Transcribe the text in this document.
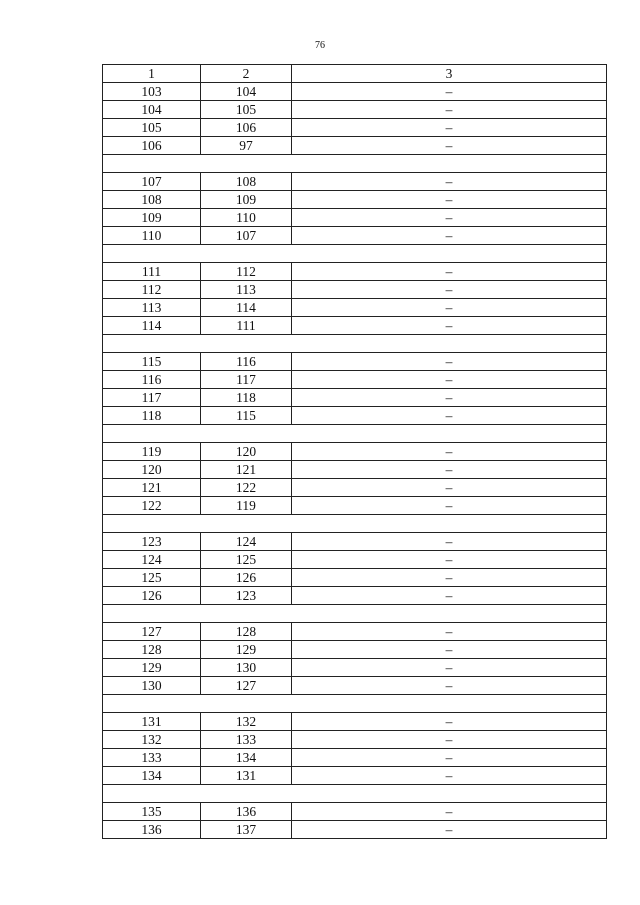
76
1	2	3
103	104	–
104	105	–
105	106	–
106	97	–

107	108	–
108	109	–
109	110	–
110	107	–

111	112	–
112	113	–
113	114	–
114	111	–

115	116	–
116	117	–
117	118	–
118	115	–

119	120	–
120	121	–
121	122	–
122	119	–

123	124	–
124	125	–
125	126	–
126	123	–

127	128	–
128	129	–
129	130	–
130	127	–

131	132	–
132	133	–
133	134	–
134	131	–

135	136	–
136	137	–
